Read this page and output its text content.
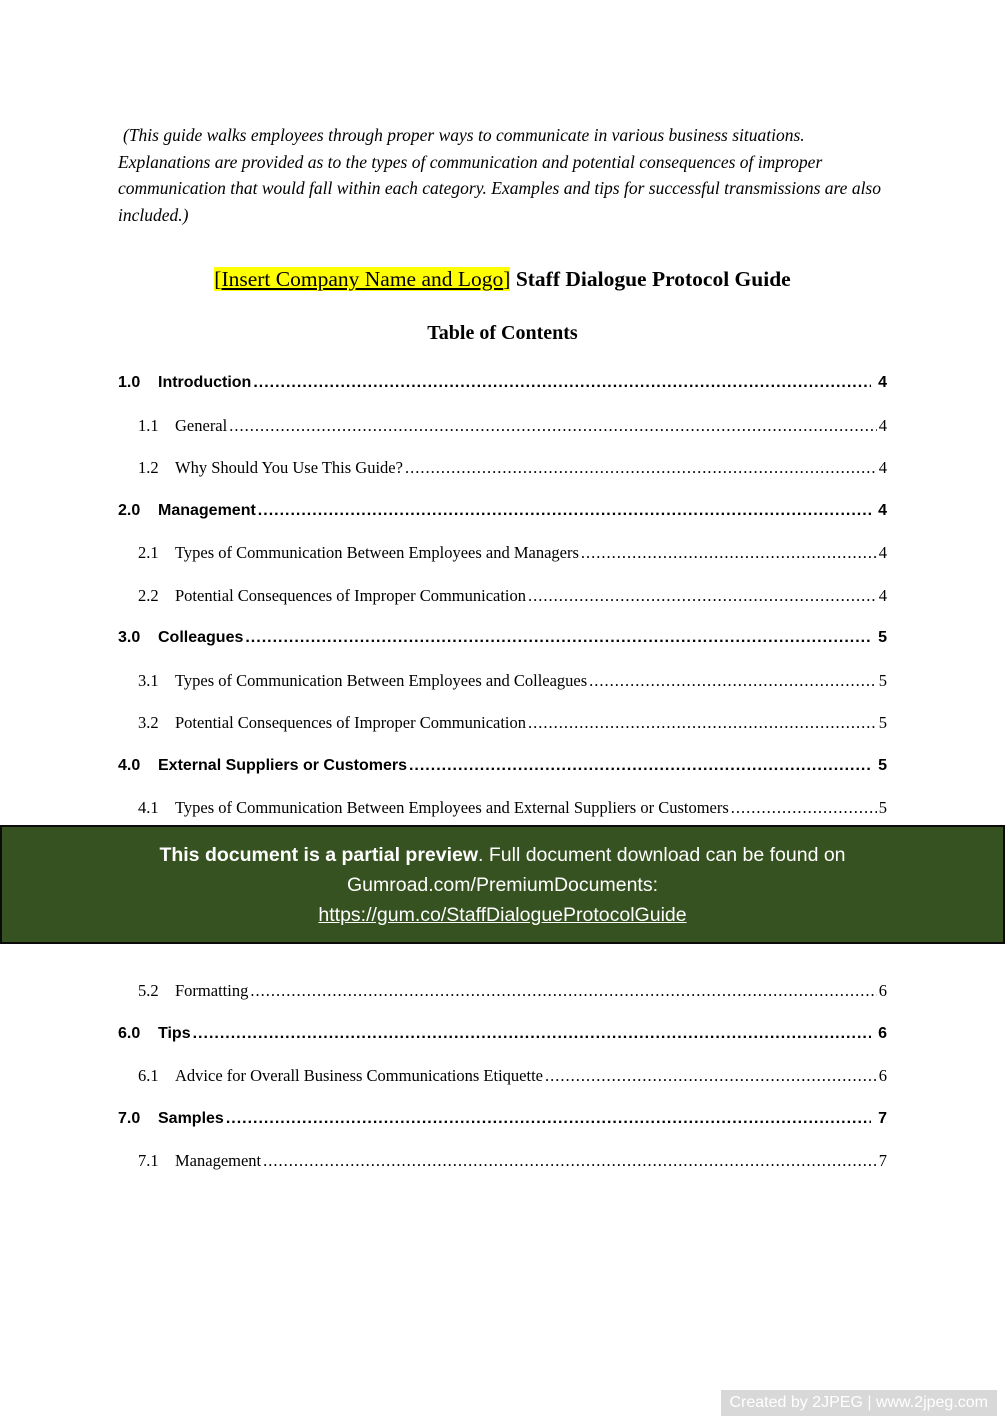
(This guide walks employees through proper ways to communicate in various business situations. Explanations are provided as to the types of communication and potential consequences of improper communication that would fall within each category. Examples and tips for successful transmissions are also included.)

[Insert Company Name and Logo] Staff Dialogue Protocol Guide
Table of Contents
1.0	Introduction .....	4
1.1 General .....	4
1.2 Why Should You Use This Guide? .....	4
2.0	Management .....	4
2.1 Types of Communication Between Employees and Managers .....	4
2.2 Potential Consequences of Improper Communication .....	4
3.0	Colleagues .....	5
3.1 Types of Communication Between Employees and Colleagues .....	5
3.2 Potential Consequences of Improper Communication .....	5
4.0	External Suppliers or Customers .....	5
4.1 Types of Communication Between Employees and External Suppliers or Customers .....	5
This document is a partial preview. Full document download can be found on
Gumroad.com/PremiumDocuments:
https://gum.co/StaffDialogueProtocolGuide
5.2 Formatting .....	6
6.0	Tips .....	6
6.1 Advice for Overall Business Communications Etiquette .....	6
7.0	Samples .....	7
7.1 Management .....	7
Created by 2JPEG | www.2jpeg.com
